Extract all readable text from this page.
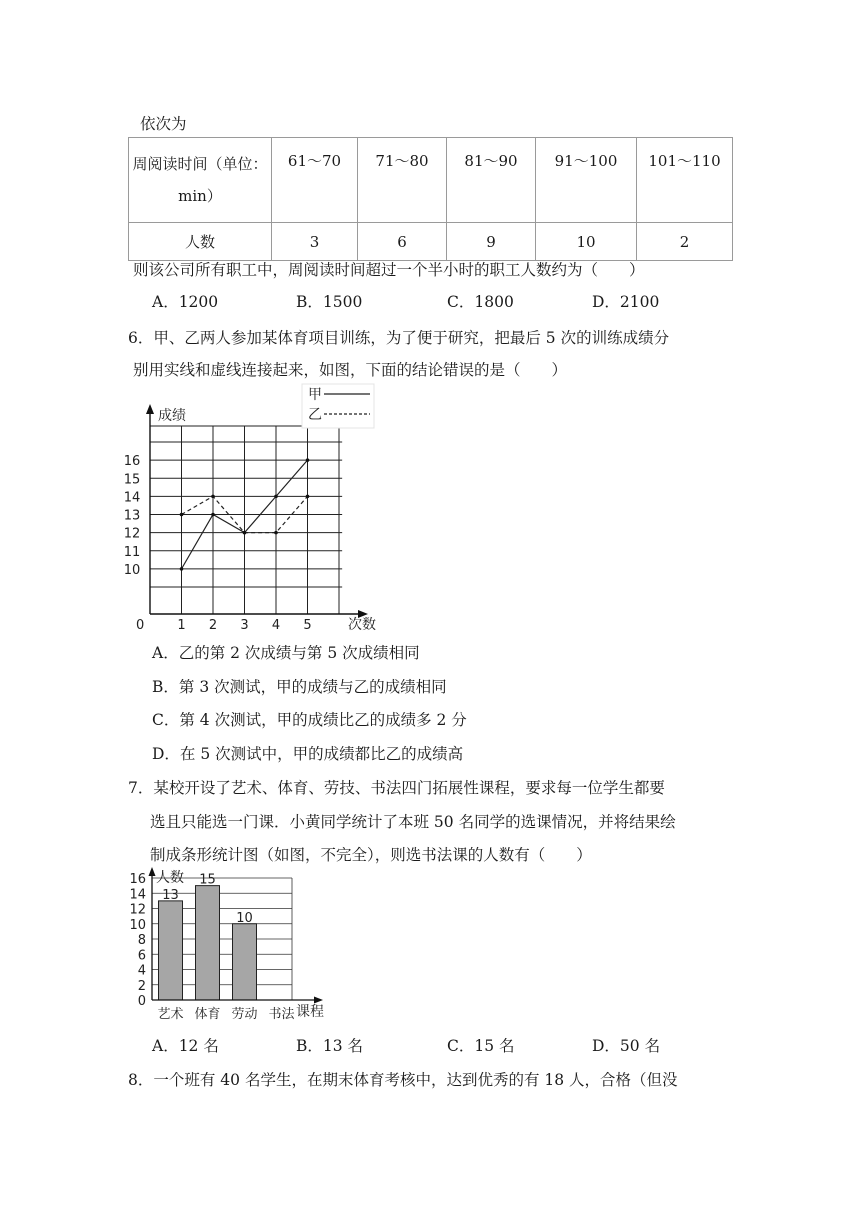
依次为
周阅读时间（单位：
min）	61～70	71～80	81～90	91～100	101～110
人数	3	6	9	10	2
则该公司所有职工中，周阅读时间超过一个半小时的职工人数约为（　　）
A．1200	B．1500	C．1800	D．2100
6．甲、乙两人参加某体育项目训练，为了便于研究，把最后 5 次的训练成绩分
别用实线和虚线连接起来，如图，下面的结论错误的是（　　）
10
11
12
13
14
15
16
1 2 3 4 5
甲
乙
成绩
次数
0
A．乙的第 2 次成绩与第 5 次成绩相同
B．第 3 次测试，甲的成绩与乙的成绩相同
C．第 4 次测试，甲的成绩比乙的成绩多 2 分
D．在 5 次测试中，甲的成绩都比乙的成绩高
7．某校开设了艺术、体育、劳技、书法四门拓展性课程，要求每一位学生都要
选且只能选一门课．小黄同学统计了本班 50 名同学的选课情况，并将结果绘
制成条形统计图（如图，不完全），则选书法课的人数有（　　）
13
15
10
0
2
4
6
8
10
12
14
16
艺术 体育 劳动 书法
人数
课程
A．12 名	B．13 名	C．15 名	D．50 名
8．一个班有 40 名学生，在期末体育考核中，达到优秀的有 18 人，合格（但没
